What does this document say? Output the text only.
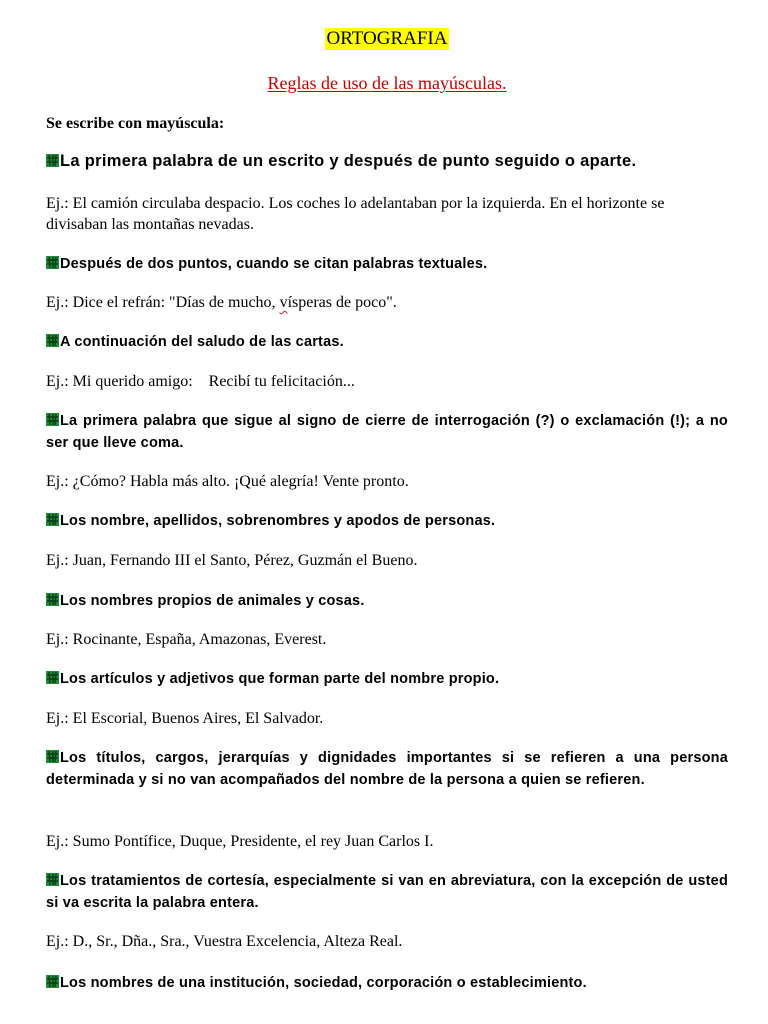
ORTOGRAFIA
Reglas de uso de las mayúsculas.
Se escribe con mayúscula:
La primera palabra de un escrito y después de punto seguido o aparte.
Ej.: El camión circulaba despacio. Los coches lo adelantaban por la izquierda. En el horizonte se divisaban las montañas nevadas.
Después de dos puntos, cuando se citan palabras textuales.
Ej.: Dice el refrán: "Días de mucho, vísperas de poco".
A continuación del saludo de las cartas.
Ej.: Mi querido amigo:    Recibí tu felicitación...
La primera palabra que sigue al signo de cierre de interrogación (?) o exclamación (!); a no ser que lleve coma.
Ej.: ¿Cómo? Habla más alto. ¡Qué alegría! Vente pronto.
Los nombre, apellidos, sobrenombres y apodos de personas.
Ej.: Juan, Fernando III el Santo, Pérez, Guzmán el Bueno.
Los nombres propios de animales y cosas.
Ej.: Rocinante, España, Amazonas, Everest.
Los artículos y adjetivos que forman parte del nombre propio.
Ej.: El Escorial, Buenos Aires, El Salvador.
Los títulos, cargos, jerarquías y dignidades importantes si se refieren a una persona determinada y si no van acompañados del nombre de la persona a quien se refieren.
Ej.: Sumo Pontífice, Duque, Presidente, el rey Juan Carlos I.
Los tratamientos de cortesía, especialmente si van en abreviatura, con la excepción de usted si va escrita la palabra entera.
Ej.: D., Sr., Dña., Sra., Vuestra Excelencia, Alteza Real.
Los nombres de una institución, sociedad, corporación o establecimiento.
